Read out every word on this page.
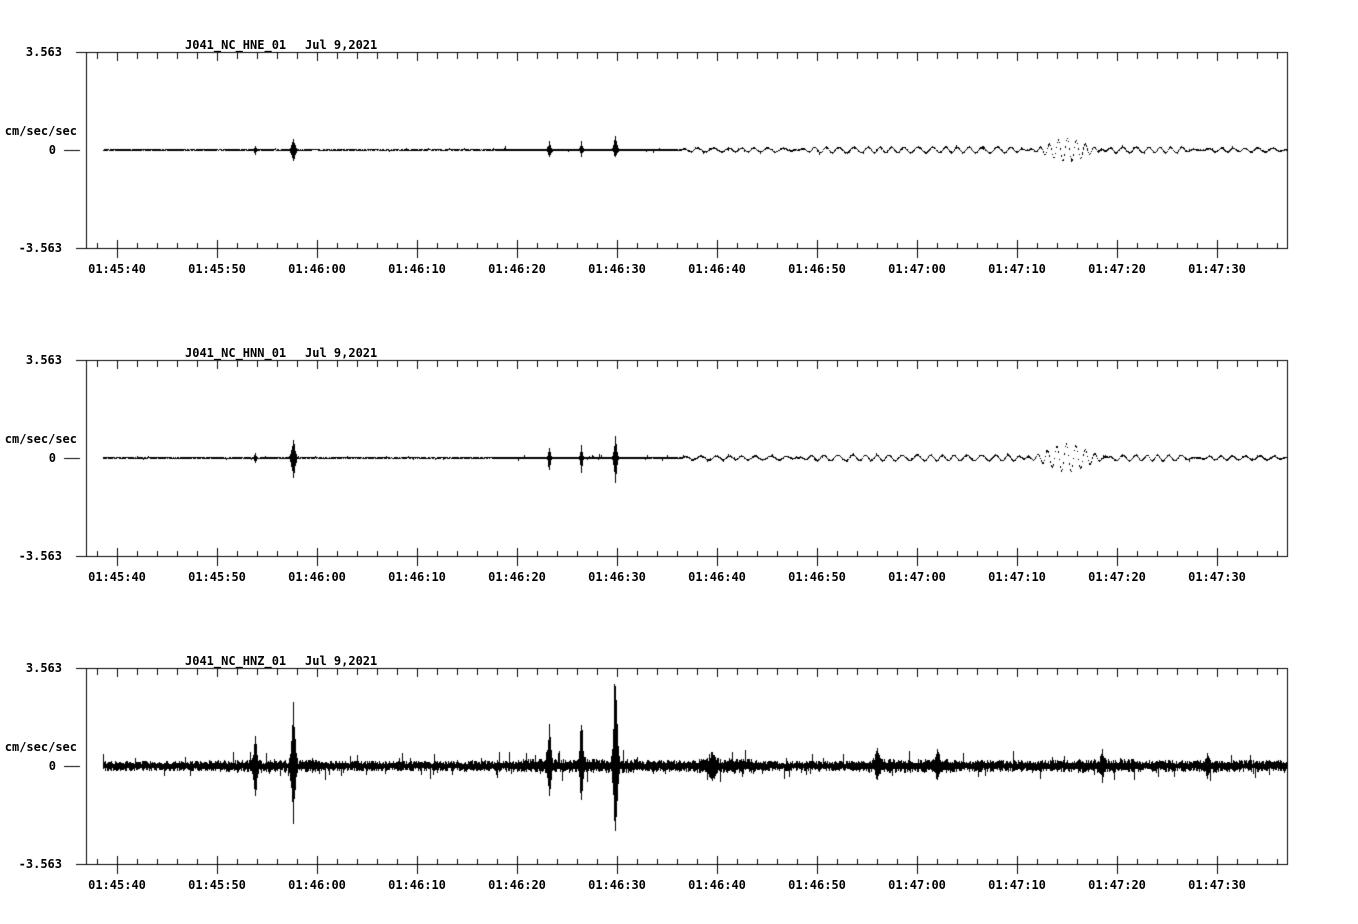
J041_NC_HNE_01 Jul 9,2021
3.563
cm/sec/sec
0
-3.563
01:45:40	01:45:50	01:46:00	01:46:10	01:46:20	01:46:30	01:46:40	01:46:50	01:47:00	01:47:10	01:47:20	01:47:30
J041_NC_HNN_01 Jul 9,2021
3.563
cm/sec/sec
0
-3.563
01:45:40	01:45:50	01:46:00	01:46:10	01:46:20	01:46:30	01:46:40	01:46:50	01:47:00	01:47:10	01:47:20	01:47:30
J041_NC_HNZ_01 Jul 9,2021
3.563
cm/sec/sec
0
-3.563
01:45:40	01:45:50	01:46:00	01:46:10	01:46:20	01:46:30	01:46:40	01:46:50	01:47:00	01:47:10	01:47:20	01:47:30
